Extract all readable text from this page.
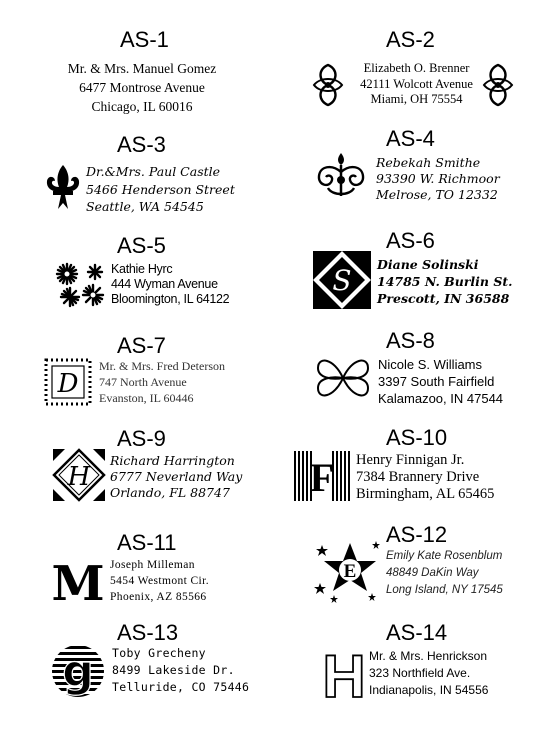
AS-1
Mr. & Mrs. Manuel Gomez
6477 Montrose Avenue
Chicago, IL 60016
AS-2
Elizabeth O. Brenner
42111 Wolcott Avenue
Miami, OH 75554
AS-3
Dr.&Mrs. Paul Castle
5466 Henderson Street
Seattle, WA 54545
AS-4
Rebekah Smithe
93390 W. Richmoor
Melrose, TO 12332
AS-5
Kathie Hyrc
444 Wyman Avenue
Bloomington, IL 64122
AS-6
S Diane Solinski
14785 N. Burlin St.
Prescott, IN 36588
AS-7
D
Mr. & Mrs. Fred Deterson
747 North Avenue
Evanston, IL 60446
AS-8
Nicole S. Williams
3397 South Fairfield
Kalamazoo, IN 47544
AS-9
H
Richard Harrington
6777 Neverland Way
Orlando, FL 88747
AS-10
F Henry Finnigan Jr.
7384 Brannery Drive
Birmingham, AL 65465
AS-11
M Joseph Milleman
5454 Westmont Cir.
Phoenix, AZ 85566
AS-12
E
Emily Kate Rosenblum
48849 DaKin Way
Long Island, NY 17545
AS-13
g Toby Grecheny
8499 Lakeside Dr.
Telluride, CO 75446
AS-14
H Mr. & Mrs. Henrickson
323 Northfield Ave.
Indianapolis, IN 54556
